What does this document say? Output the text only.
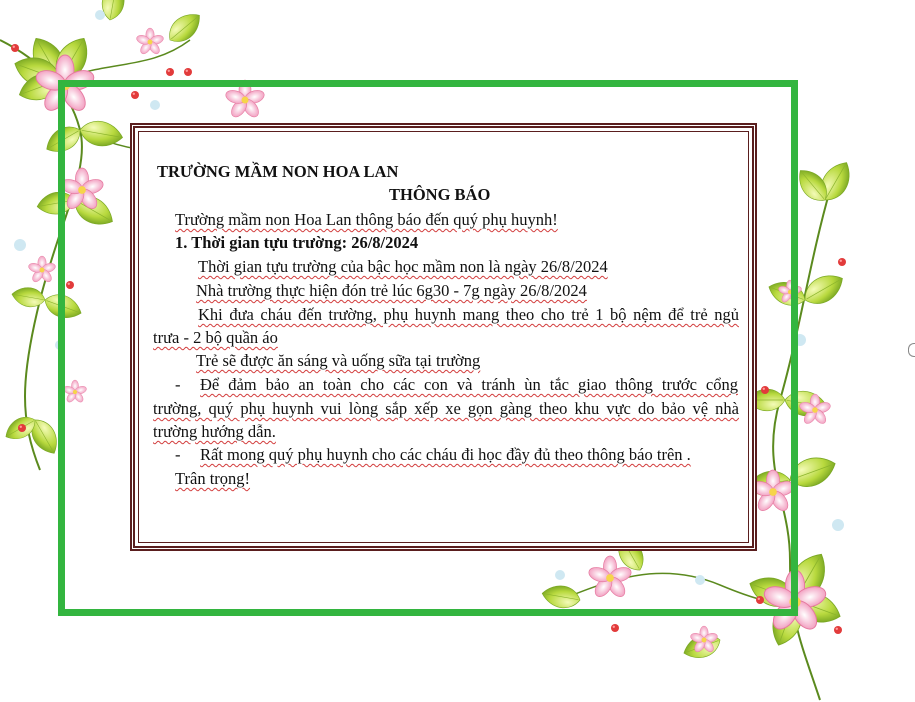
TRƯỜNG MẦM NON HOA LAN
THÔNG BÁO
Trường mầm non Hoa Lan thông báo đến quý phụ huynh!
1. Thời gian tựu trường: 26/8/2024
Thời gian tựu trường của bậc học mầm non là ngày 26/8/2024
Nhà trường thực hiện đón trẻ lúc 6g30 - 7g ngày 26/8/2024
Khi đưa cháu đến trường, phụ huynh mang theo cho trẻ 1 bộ nệm để trẻ ngủ
trưa - 2 bộ quần áo
Trẻ sẽ được ăn sáng và uống sữa tại trường
- Để đảm bảo an toàn cho các con và tránh ùn tắc giao thông trước cổng
trường, quý phụ huynh vui lòng sắp xếp xe gọn gàng theo khu vực do bảo vệ nhà
trường hướng dẫn.
- Rất mong quý phụ huynh cho các cháu đi học đầy đủ theo thông báo trên .
Trân trọng!
